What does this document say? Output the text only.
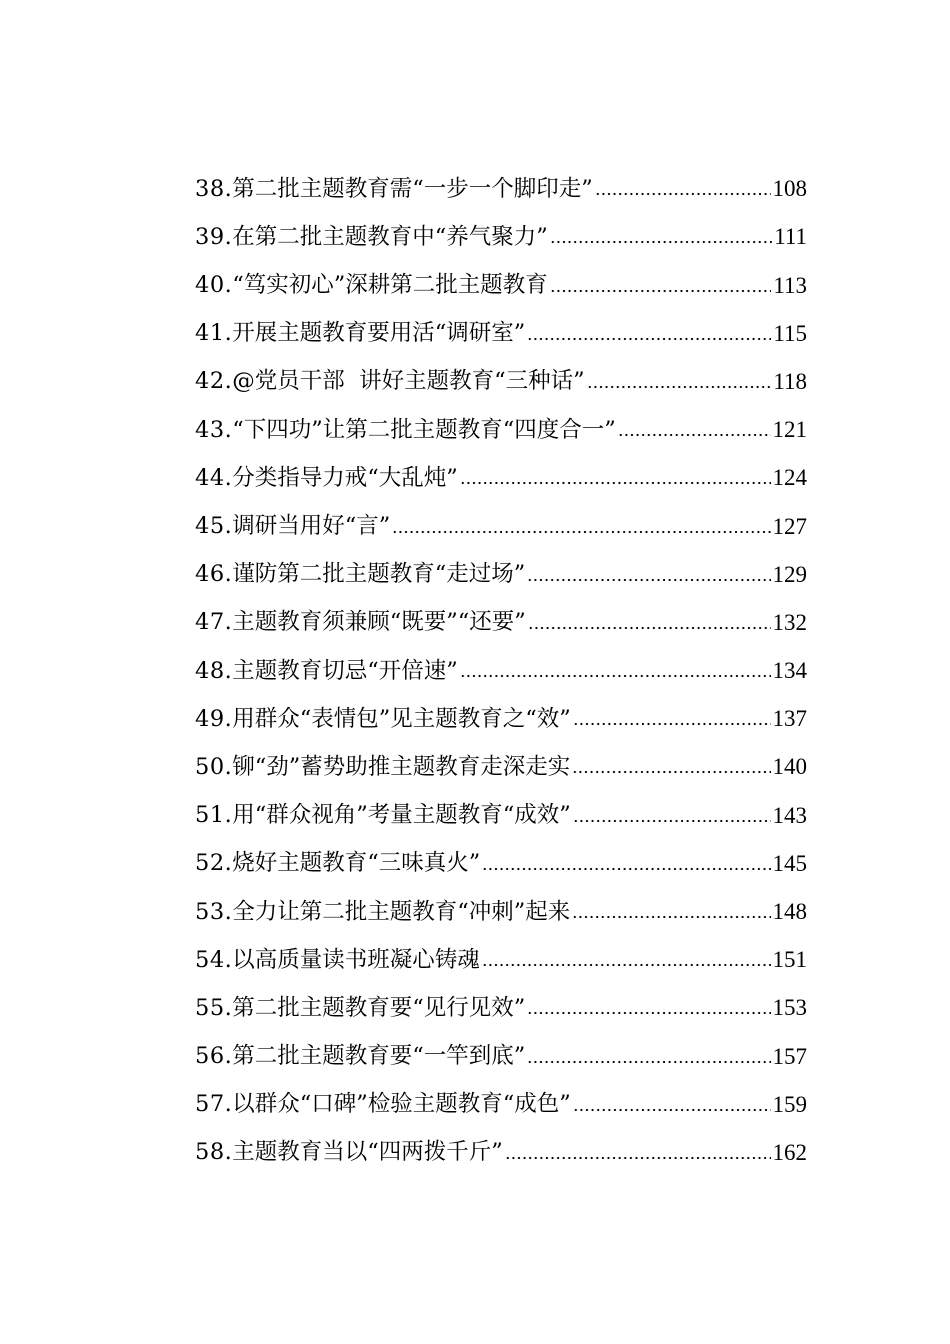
38. 第二批主题教育需“一步一个脚印走”	108
39. 在第二批主题教育中“养气聚力”	111
40. “笃实初心”深耕第二批主题教育	113
41. 开展主题教育要用活“调研室”	115
42. @党员干部  讲好主题教育“三种话”	118
43. “下四功”让第二批主题教育“四度合一”	121
44. 分类指导力戒“大乱炖”	124
45. 调研当用好“言”	127
46. 谨防第二批主题教育“走过场”	129
47. 主题教育须兼顾“既要”“还要”	132
48. 主题教育切忌“开倍速”	134
49. 用群众“表情包”见主题教育之“效”	137
50. 铆“劲”蓄势助推主题教育走深走实	140
51. 用“群众视角”考量主题教育“成效”	143
52. 烧好主题教育“三味真火”	145
53. 全力让第二批主题教育“冲刺”起来	148
54. 以高质量读书班凝心铸魂	151
55. 第二批主题教育要“见行见效”	153
56. 第二批主题教育要“一竿到底”	157
57. 以群众“口碑”检验主题教育“成色”	159
58. 主题教育当以“四两拨千斤”	162
